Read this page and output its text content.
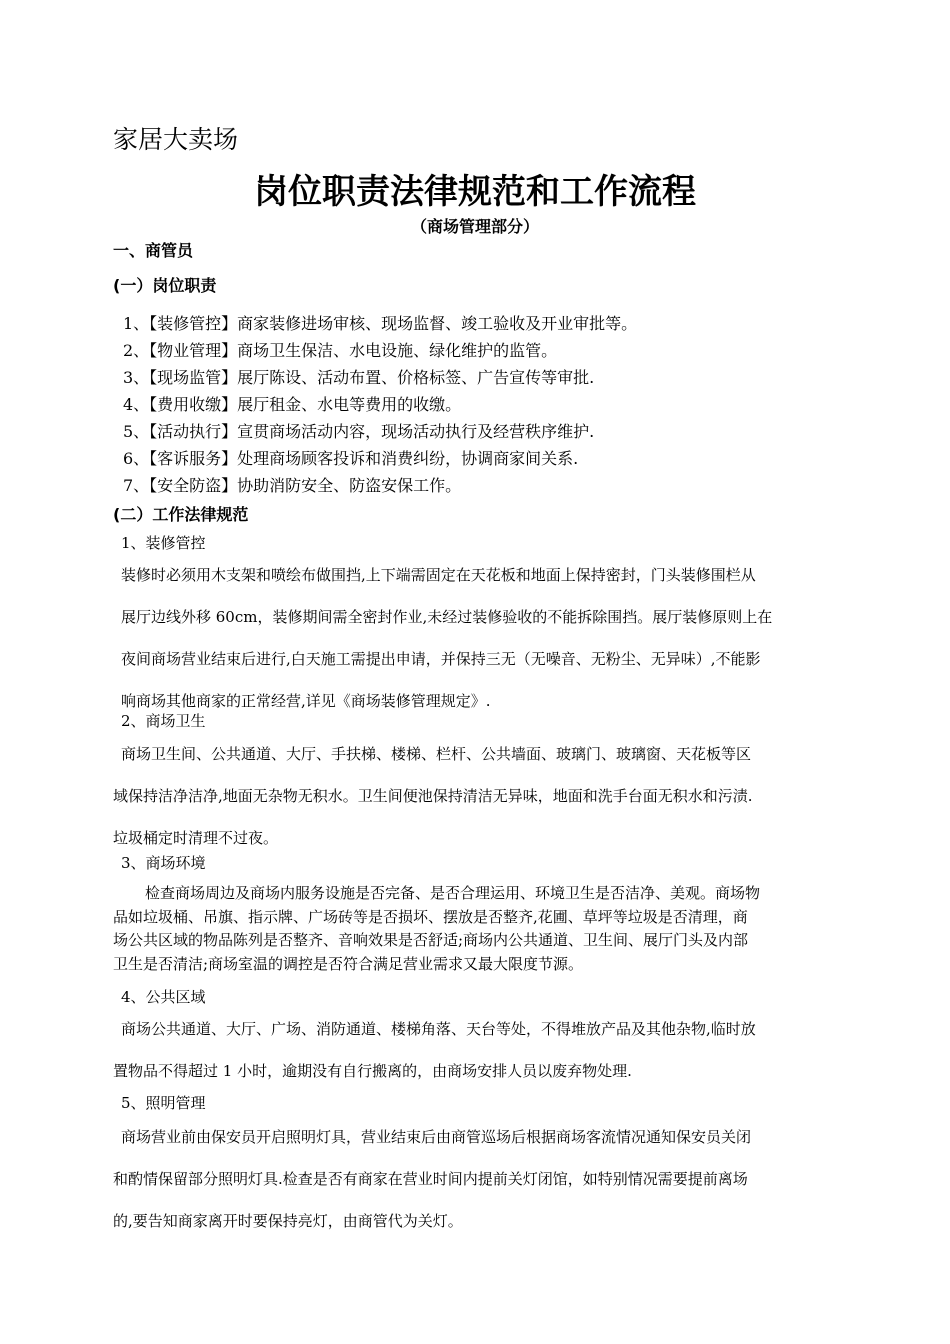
家居大卖场
岗位职责法律规范和工作流程
（商场管理部分）
一、商管员
(一）岗位职责
1、【装修管控】商家装修进场审核、现场监督、竣工验收及开业审批等。
2、【物业管理】商场卫生保洁、水电设施、绿化维护的监管。
3、【现场监管】展厅陈设、活动布置、价格标签、广告宣传等审批.
4、【费用收缴】展厅租金、水电等费用的收缴。
5、【活动执行】宣贯商场活动内容，现场活动执行及经营秩序维护.
6、【客诉服务】处理商场顾客投诉和消费纠纷，协调商家间关系.
7、【安全防盗】协助消防安全、防盗安保工作。
(二）工作法律规范
1、装修管控
装修时必须用木支架和喷绘布做围挡,上下端需固定在天花板和地面上保持密封，门头装修围栏从
展厅边线外移 60cm，装修期间需全密封作业,未经过装修验收的不能拆除围挡。展厅装修原则上在
夜间商场营业结束后进行,白天施工需提出申请，并保持三无（无噪音、无粉尘、无异味）,不能影
响商场其他商家的正常经营,详见《商场装修管理规定》.
2、商场卫生
商场卫生间、公共通道、大厅、手扶梯、楼梯、栏杆、公共墙面、玻璃门、玻璃窗、天花板等区
域保持洁净洁净,地面无杂物无积水。卫生间便池保持清洁无异味，地面和洗手台面无积水和污渍.
垃圾桶定时清理不过夜。
3、商场环境
检查商场周边及商场内服务设施是否完备、是否合理运用、环境卫生是否洁净、美观。商场物
品如垃圾桶、吊旗、指示牌、广场砖等是否损坏、摆放是否整齐,花圃、草坪等垃圾是否清理，商
场公共区域的物品陈列是否整齐、音响效果是否舒适;商场内公共通道、卫生间、展厅门头及内部
卫生是否清洁;商场室温的调控是否符合满足营业需求又最大限度节源。
4、公共区域
商场公共通道、大厅、广场、消防通道、楼梯角落、天台等处，不得堆放产品及其他杂物,临时放
置物品不得超过 1 小时，逾期没有自行搬离的，由商场安排人员以废弃物处理.
5、照明管理
商场营业前由保安员开启照明灯具，营业结束后由商管巡场后根据商场客流情况通知保安员关闭
和酌情保留部分照明灯具.检查是否有商家在营业时间内提前关灯闭馆，如特别情况需要提前离场
的,要告知商家离开时要保持亮灯，由商管代为关灯。
